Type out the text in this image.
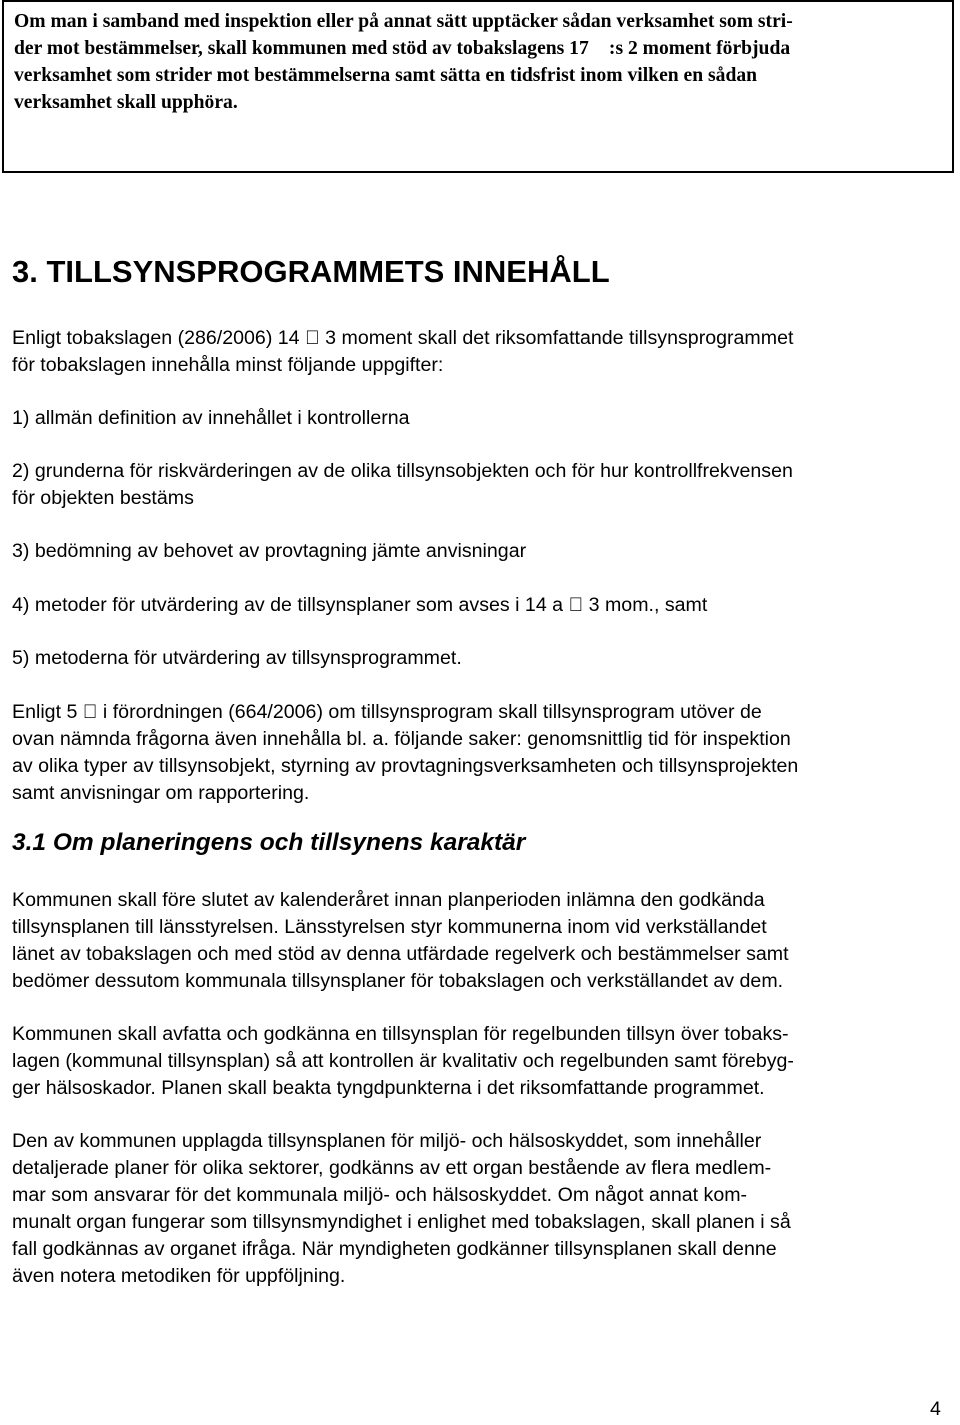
Om man i samband med inspektion eller på annat sätt upptäcker sådan verksamhet som stri-
der mot bestämmelser, skall kommunen med stöd av tobakslagens 17 :s 2 moment förbjuda
verksamhet som strider mot bestämmelserna samt sätta en tidsfrist inom vilken en sådan
verksamhet skall upphöra.
3. TILLSYNSPROGRAMMETS INNEHÅLL
Enligt tobakslagen (286/2006) 14 3 moment skall det riksomfattande tillsynsprogrammet
för tobakslagen innehålla minst följande uppgifter:
1) allmän definition av innehållet i kontrollerna
2) grunderna för riskvärderingen av de olika tillsynsobjekten och för hur kontrollfrekvensen
för objekten bestäms
3) bedömning av behovet av provtagning jämte anvisningar
4) metoder för utvärdering av de tillsynsplaner som avses i 14 a 3 mom., samt
5) metoderna för utvärdering av tillsynsprogrammet.
Enligt 5 i förordningen (664/2006) om tillsynsprogram skall tillsynsprogram utöver de
ovan nämnda frågorna även innehålla bl. a. följande saker: genomsnittlig tid för inspektion
av olika typer av tillsynsobjekt, styrning av provtagningsverksamheten och tillsynsprojekten
samt anvisningar om rapportering.
3.1 Om planeringens och tillsynens karaktär
Kommunen skall före slutet av kalenderåret innan planperioden inlämna den godkända
tillsynsplanen till länsstyrelsen. Länsstyrelsen styr kommunerna inom vid verkställandet
länet av tobakslagen och med stöd av denna utfärdade regelverk och bestämmelser samt
bedömer dessutom kommunala tillsynsplaner för tobakslagen och verkställandet av dem.
Kommunen skall avfatta och godkänna en tillsynsplan för regelbunden tillsyn över tobaks-
lagen (kommunal tillsynsplan) så att kontrollen är kvalitativ och regelbunden samt förebyg-
ger hälsoskador. Planen skall beakta tyngdpunkterna i det riksomfattande programmet.
Den av kommunen upplagda tillsynsplanen för miljö- och hälsoskyddet, som innehåller
detaljerade planer för olika sektorer, godkänns av ett organ bestående av flera medlem-
mar som ansvarar för det kommunala miljö- och hälsoskyddet. Om något annat kom-
munalt organ fungerar som tillsynsmyndighet i enlighet med tobakslagen, skall planen i så
fall godkännas av organet ifråga. När myndigheten godkänner tillsynsplanen skall denne
även notera metodiken för uppföljning.
4
